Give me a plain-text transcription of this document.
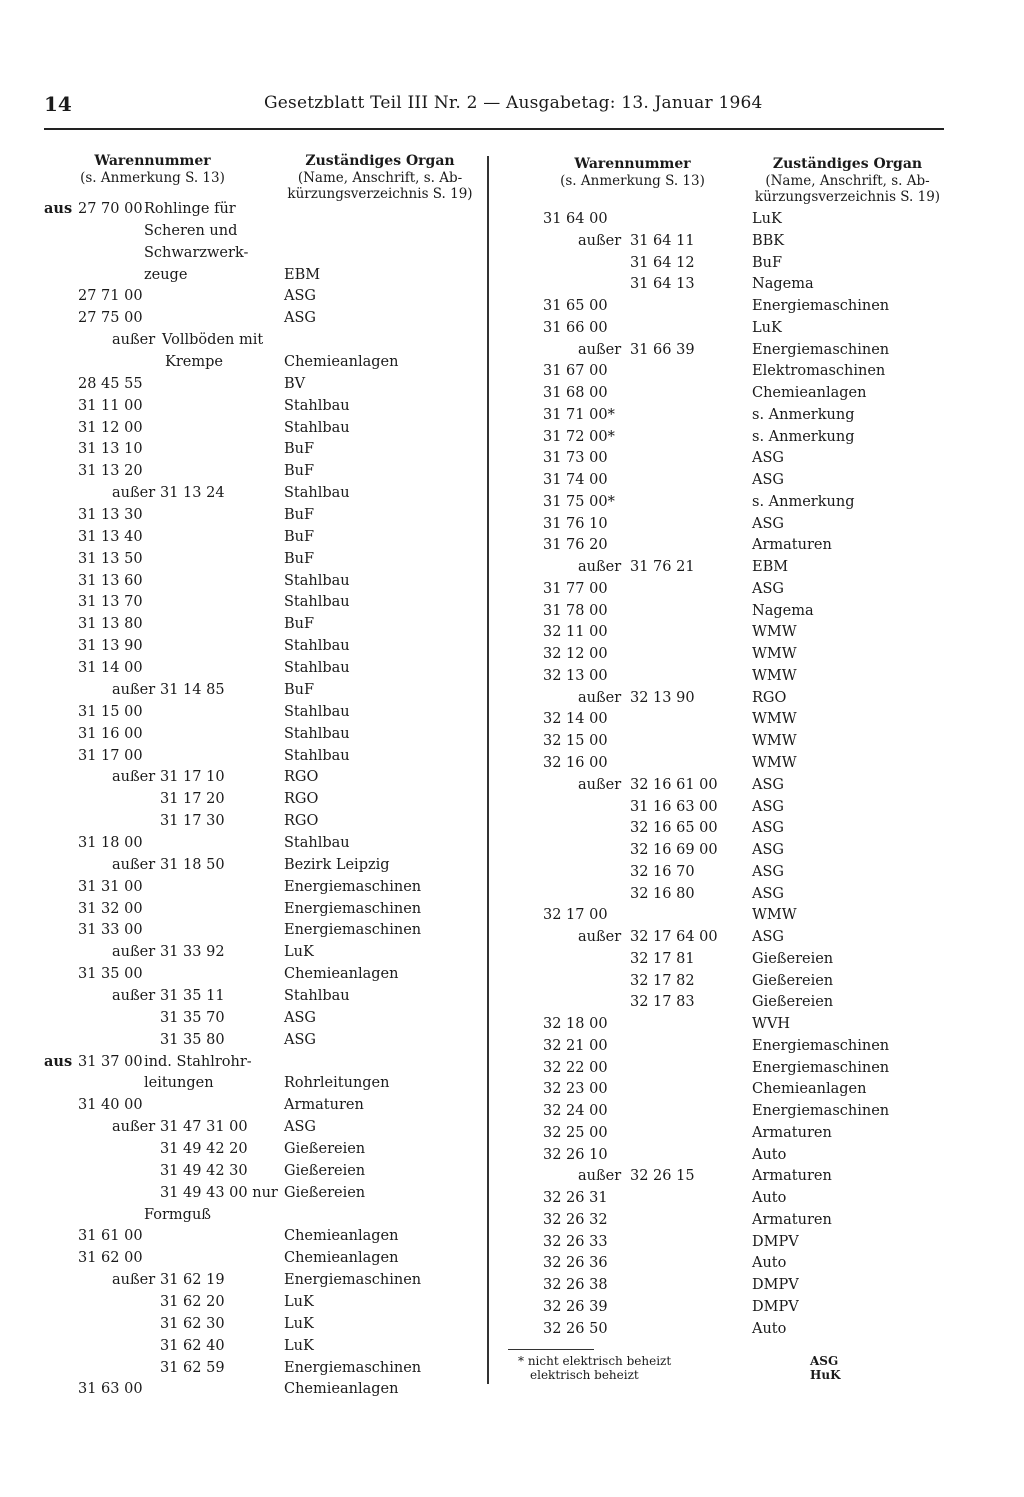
14	Gesetzblatt Teil III Nr. 2 — Ausgabetag: 13. Januar 1964
Warennummer
(s. Anmerkung S. 13)
Zuständiges Organ
(Name, Anschrift, s. Ab-
kürzungsverzeichnis S. 19)
Warennummer
(s. Anmerkung S. 13)
Zuständiges Organ
(Name, Anschrift, s. Ab-
kürzungsverzeichnis S. 19)
aus 27 70 00 Rohlinge für
Scheren und
Schwarzwerk-
zeuge	EBM
27 71 00	ASG
27 75 00	ASG
außer Vollböden mit
Krempe	Chemieanlagen
28 45 55	BV
31 11 00	Stahlbau
31 12 00	Stahlbau
31 13 10	BuF
31 13 20	BuF
außer 31 13 24	Stahlbau
31 13 30	BuF
31 13 40	BuF
31 13 50	BuF
31 13 60	Stahlbau
31 13 70	Stahlbau
31 13 80	BuF
31 13 90	Stahlbau
31 14 00	Stahlbau
außer 31 14 85	BuF
31 15 00	Stahlbau
31 16 00	Stahlbau
31 17 00	Stahlbau
außer 31 17 10	RGO
31 17 20	RGO
31 17 30	RGO
31 18 00	Stahlbau
außer 31 18 50	Bezirk Leipzig
31 31 00	Energiemaschinen
31 32 00	Energiemaschinen
31 33 00	Energiemaschinen
außer 31 33 92	LuK
31 35 00	Chemieanlagen
außer 31 35 11	Stahlbau
31 35 70	ASG
31 35 80	ASG
aus 31 37 00 ind. Stahlrohr-
leitungen	Rohrleitungen
31 40 00	Armaturen
außer 31 47 31 00	ASG
31 49 42 20	Gießereien
31 49 42 30	Gießereien
31 49 43 00 nur Gießereien
Formguß
31 61 00	Chemieanlagen
31 62 00	Chemieanlagen
außer 31 62 19	Energiemaschinen
31 62 20	LuK
31 62 30	LuK
31 62 40	LuK
31 62 59	Energiemaschinen
31 63 00	Chemieanlagen
31 64 00	LuK
außer 31 64 11	BBK
31 64 12	BuF
31 64 13	Nagema
31 65 00	Energiemaschinen
31 66 00	LuK
außer 31 66 39	Energiemaschinen
31 67 00	Elektromaschinen
31 68 00	Chemieanlagen
31 71 00*	s. Anmerkung
31 72 00*	s. Anmerkung
31 73 00	ASG
31 74 00	ASG
31 75 00*	s. Anmerkung
31 76 10	ASG
31 76 20	Armaturen
außer 31 76 21	EBM
31 77 00	ASG
31 78 00	Nagema
32 11 00	WMW
32 12 00	WMW
32 13 00	WMW
außer 32 13 90	RGO
32 14 00	WMW
32 15 00	WMW
32 16 00	WMW
außer 32 16 61 00 ASG
31 16 63 00 ASG
32 16 65 00 ASG
32 16 69 00 ASG
32 16 70	ASG
32 16 80	ASG
32 17 00	WMW
außer 32 17 64 00 ASG
32 17 81	Gießereien
32 17 82	Gießereien
32 17 83	Gießereien
32 18 00	WVH
32 21 00	Energiemaschinen
32 22 00	Energiemaschinen
32 23 00	Chemieanlagen
32 24 00	Energiemaschinen
32 25 00	Armaturen
32 26 10	Auto
außer 32 26 15	Armaturen
32 26 31	Auto
32 26 32	Armaturen
32 26 33	DMPV
32 26 36	Auto
32 26 38	DMPV
32 26 39	DMPV
32 26 50	Auto
* nicht elektrisch beheizt	ASG
elektrisch beheizt	HuK
